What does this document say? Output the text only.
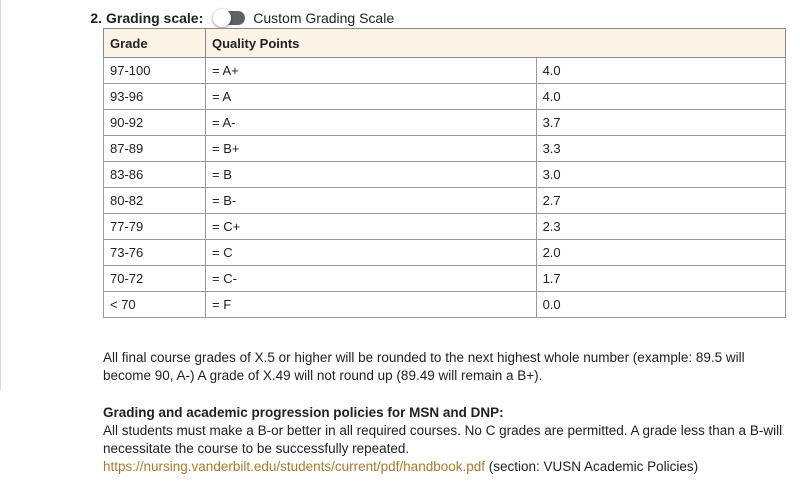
2. Grading scale:	Custom Grading Scale
Grade	Quality Points	
97-100	= A+	4.0
93-96	= A	4.0
90-92	= A-	3.7
87-89	= B+	3.3
83-86	= B	3.0
80-82	= B-	2.7
77-79	= C+	2.3
73-76	= C	2.0
70-72	= C-	1.7
< 70	= F	0.0
All final course grades of X.5 or higher will be rounded to the next highest whole number (example: 89.5 will become 90, A-) A grade of X.49 will not round up (89.49 will remain a B+).
Grading and academic progression policies for MSN and DNP:
All students must make a B-or better in all required courses. No C grades are permitted. A grade less than a B-will necessitate the course to be successfully repeated.
https://nursing.vanderbilt.edu/students/current/pdf/handbook.pdf (section: VUSN Academic Policies)
